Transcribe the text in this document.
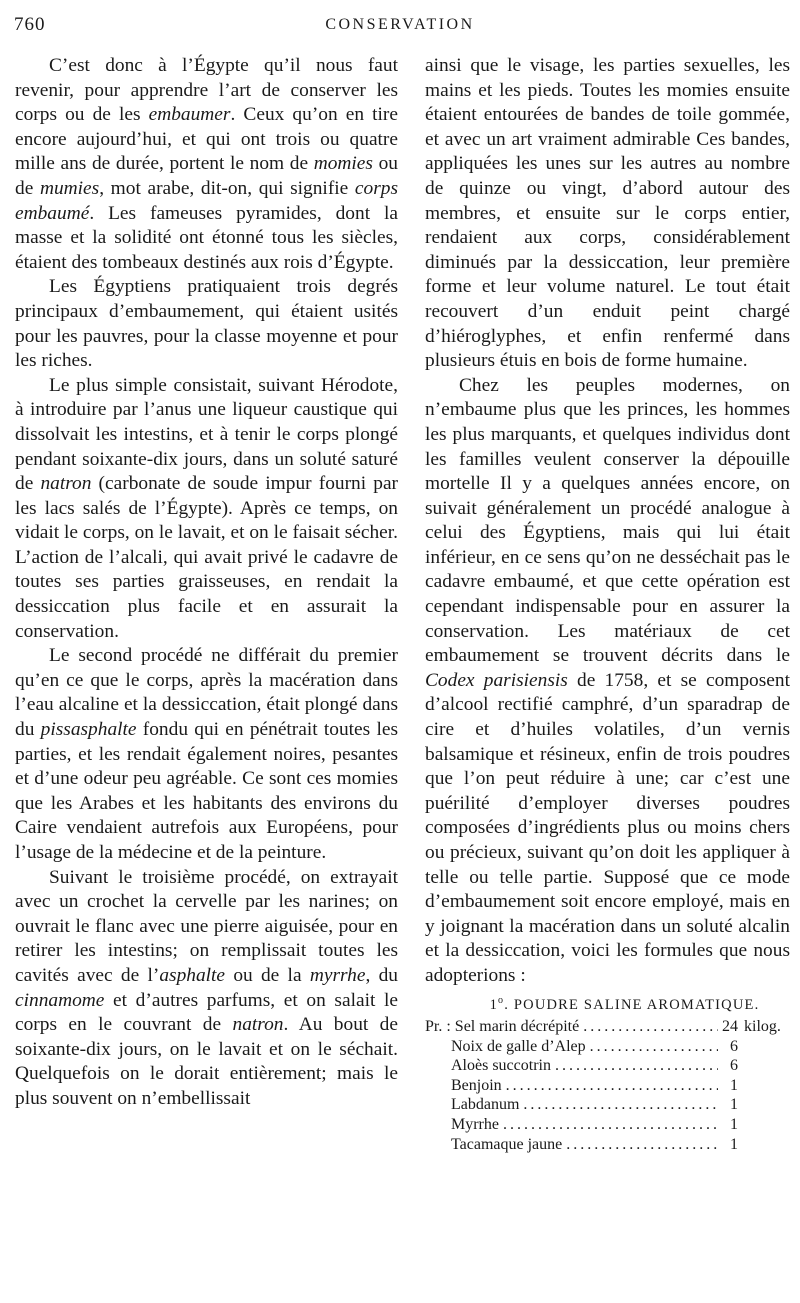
760	CONSERVATION

C’est donc à l’Égypte qu’il nous faut revenir, pour apprendre l’art de conserver les corps ou de les embaumer. Ceux qu’on en tire encore aujourd’hui, et qui ont trois ou quatre mille ans de durée, portent le nom de momies ou de mumies, mot arabe, dit-on, qui signifie corps embaumé. Les fameuses pyramides, dont la masse et la solidité ont étonné tous les siècles, étaient des tombeaux destinés aux rois d’Égypte.

Les Égyptiens pratiquaient trois degrés principaux d’embaumement, qui étaient usités pour les pauvres, pour la classe moyenne et pour les riches.

Le plus simple consistait, suivant Hérodote, à introduire par l’anus une liqueur caustique qui dissolvait les intestins, et à tenir le corps plongé pendant soixante-dix jours, dans un soluté saturé de natron (carbonate de soude impur fourni par les lacs salés de l’Égypte). Après ce temps, on vidait le corps, on le lavait, et on le faisait sécher. L’action de l’alcali, qui avait privé le cadavre de toutes ses parties graisseuses, en rendait la dessiccation plus facile et en assurait la conservation.

Le second procédé ne différait du premier qu’en ce que le corps, après la macération dans l’eau alcaline et la dessiccation, était plongé dans du pissasphalte fondu qui en pénétrait toutes les parties, et les rendait également noires, pesantes et d’une odeur peu agréable. Ce sont ces momies que les Arabes et les habitants des environs du Caire vendaient autrefois aux Européens, pour l’usage de la médecine et de la peinture.

Suivant le troisième procédé, on extrayait avec un crochet la cervelle par les narines; on ouvrait le flanc avec une pierre aiguisée, pour en retirer les intestins; on remplissait toutes les cavités avec de l’asphalte ou de la myrrhe, du cinnamome et d’autres parfums, et on salait le corps en le couvrant de natron. Au bout de soixante-dix jours, on le lavait et on le séchait. Quelquefois on le dorait entièrement; mais le plus souvent on n’embellissait

ainsi que le visage, les parties sexuelles, les mains et les pieds. Toutes les momies ensuite étaient entourées de bandes de toile gommée, et avec un art vraiment admirable Ces bandes, appliquées les unes sur les autres au nombre de quinze ou vingt, d’abord autour des membres, et ensuite sur le corps entier, rendaient aux corps, considérablement diminués par la dessiccation, leur première forme et leur volume naturel. Le tout était recouvert d’un enduit peint chargé d’hiéroglyphes, et enfin renfermé dans plusieurs étuis en bois de forme humaine.

Chez les peuples modernes, on n’embaume plus que les princes, les hommes les plus marquants, et quelques individus dont les familles veulent conserver la dépouille mortelle Il y a quelques années encore, on suivait généralement un procédé analogue à celui des Égyptiens, mais qui lui était inférieur, en ce sens qu’on ne desséchait pas le cadavre embaumé, et que cette opération est cependant indispensable pour en assurer la conservation. Les matériaux de cet embaumement se trouvent décrits dans le Codex parisiensis de 1758, et se composent d’alcool rectifié camphré, d’un sparadrap de cire et d’huiles volatiles, d’un vernis balsamique et résineux, enfin de trois poudres que l’on peut réduire à une; car c’est une puérilité d’employer diverses poudres composées d’ingrédients plus ou moins chers ou précieux, suivant qu’on doit les appliquer à telle ou telle partie. Supposé que ce mode d’embaumement soit encore employé, mais en y joignant la macération dans un soluté alcalin et la dessiccation, voici les formules que nous adopterions :

1$^o$. POUDRE SALINE AROMATIQUE.

Pr. : Sel marin décrépité .....	24 kilog.
Noix de galle d’Alep .....	6
Aloès succotrin .....	6
Benjoin .....	1
Labdanum .....	1
Myrrhe .....	1
Tacamaque jaune .....	1
